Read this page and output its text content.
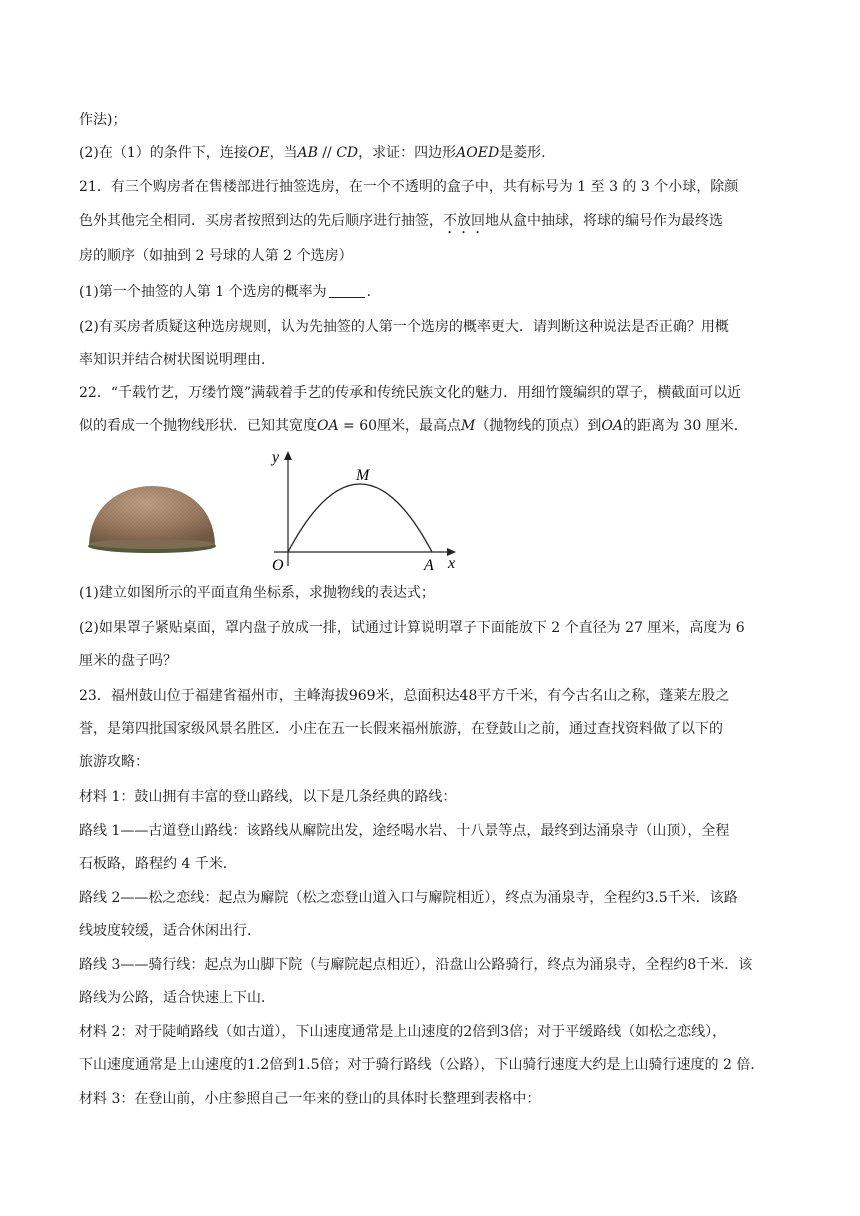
作法)；
(2)在（1）的条件下，连接OE，当AB // CD，求证：四边形AOED是菱形.
21．有三个购房者在售楼部进行抽签选房，在一个不透明的盒子中，共有标号为 1 至 3 的 3 个小球，除颜
色外其他完全相同．买房者按照到达的先后顺序进行抽签，不放回地从盒中抽球，将球的编号作为最终选
房的顺序（如抽到 2 号球的人第 2 个选房）
(1)第一个抽签的人第 1 个选房的概率为	．
(2)有买房者质疑这种选房规则，认为先抽签的人第一个选房的概率更大．请判断这种说法是否正确？用概
率知识并结合树状图说明理由．
22．“千载竹艺，万缕竹篾”满载着手艺的传承和传统民族文化的魅力．用细竹篾编织的罩子，横截面可以近
似的看成一个抛物线形状．已知其宽度OA = 60厘米，最高点M（抛物线的顶点）到OA的距离为 30 厘米．
y
x
O	A
M
(1)建立如图所示的平面直角坐标系，求抛物线的表达式；
(2)如果罩子紧贴桌面，罩内盘子放成一排，试通过计算说明罩子下面能放下 2 个直径为 27 厘米，高度为 6
厘米的盘子吗？
23．福州鼓山位于福建省福州市，主峰海拔969米，总面积达48平方千米，有今古名山之称，蓬莱左股之
誉，是第四批国家级风景名胜区．小庄在五一长假来福州旅游，在登鼓山之前，通过查找资料做了以下的
旅游攻略：
材料 1：鼓山拥有丰富的登山路线，以下是几条经典的路线：
路线 1——古道登山路线：该路线从廨院出发，途经喝水岩、十八景等点，最终到达涌泉寺（山顶），全程
石板路，路程约 4 千米．
路线 2——松之恋线：起点为廨院（松之恋登山道入口与廨院相近），终点为涌泉寺，全程约3.5千米．该路
线坡度较缓，适合休闲出行．
路线 3——骑行线：起点为山脚下院（与廨院起点相近），沿盘山公路骑行，终点为涌泉寺，全程约8千米．该
路线为公路，适合快速上下山．
材料 2：对于陡峭路线（如古道），下山速度通常是上山速度的2倍到3倍；对于平缓路线（如松之恋线），
下山速度通常是上山速度的1.2倍到1.5倍；对于骑行路线（公路），下山骑行速度大约是上山骑行速度的 2 倍．
材料 3：在登山前，小庄参照自己一年来的登山的具体时长整理到表格中：
